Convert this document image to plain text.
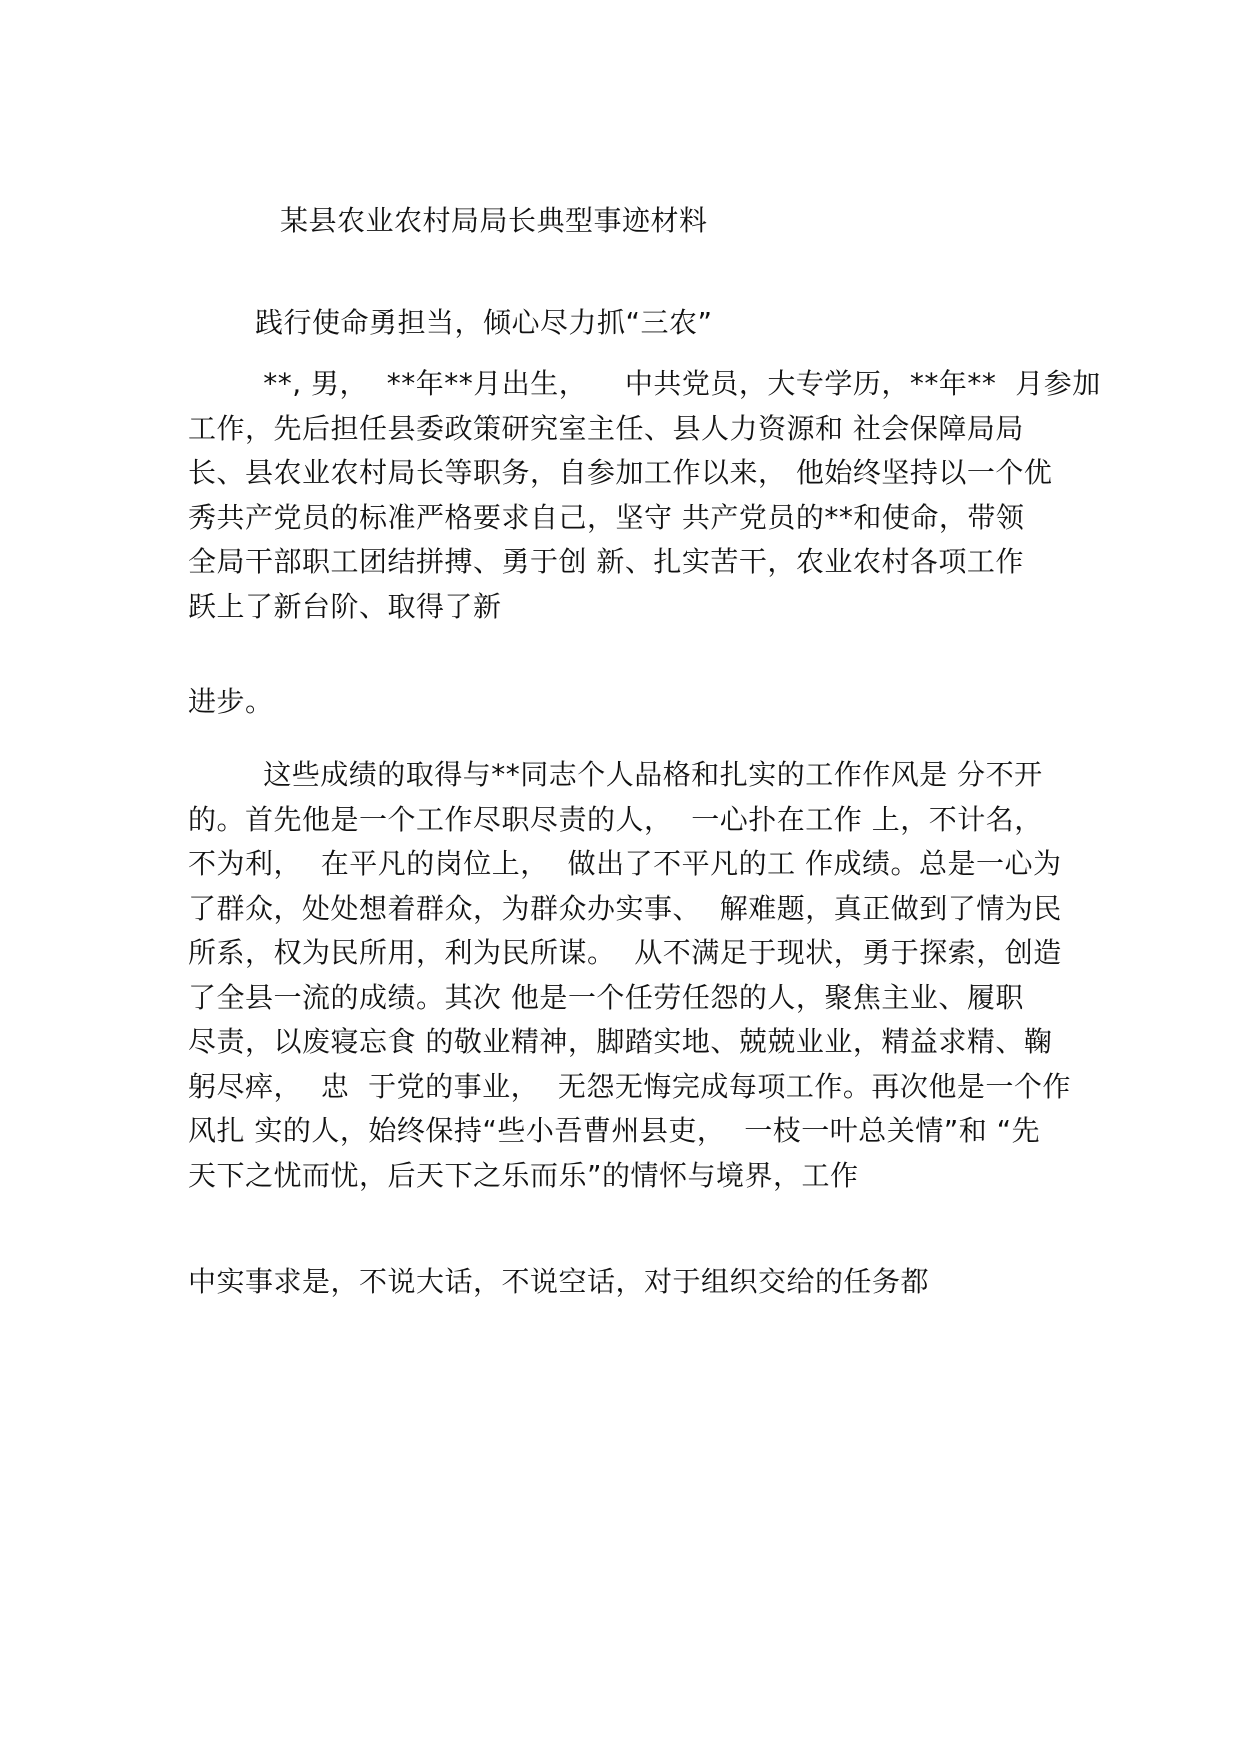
某县农业农村局局长典型事迹材料
践行使命勇担当，倾心尽力抓“三农”
**, 男，  **年**月出生，    中共党员，大专学历，**年**  月参加
工作，先后担任县委政策研究室主任、县人力资源和 社会保障局局
长、县农业农村局长等职务，自参加工作以来， 他始终坚持以一个优
秀共产党员的标准严格要求自己，坚守 共产党员的**和使命，带领
全局干部职工团结拼搏、勇于创 新、扎实苦干，农业农村各项工作
跃上了新台阶、取得了新
进步。
这些成绩的取得与**同志个人品格和扎实的工作作风是 分不开
的。首先他是一个工作尽职尽责的人，  一心扑在工作 上，不计名，
不为利，  在平凡的岗位上，  做出了不平凡的工 作成绩。总是一心为
了群众，处处想着群众，为群众办实事、  解难题，真正做到了情为民
所系，权为民所用，利为民所谋。  从不满足于现状，勇于探索，创造
了全县一流的成绩。其次 他是一个任劳任怨的人，聚焦主业、履职
尽责，以废寝忘食 的敬业精神，脚踏实地、兢兢业业，精益求精、鞠
躬尽瘁，  忠  于党的事业，  无怨无悔完成每项工作。再次他是一个作
风扎 实的人，始终保持“些小吾曹州县吏，  一枝一叶总关情”和 “先
天下之忧而忧，后天下之乐而乐”的情怀与境界，工作
中实事求是，不说大话，不说空话，对于组织交给的任务都
